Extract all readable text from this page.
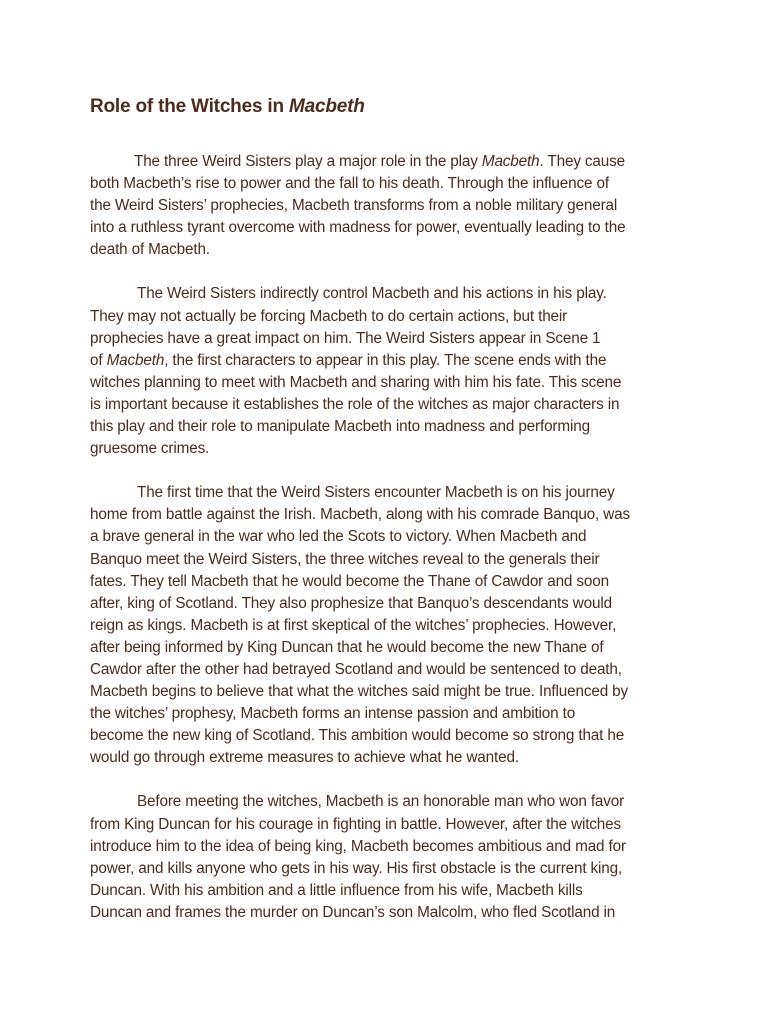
Role of the Witches in Macbeth
The three Weird Sisters play a major role in the play Macbeth. They cause
both Macbeth’s rise to power and the fall to his death. Through the influence of
the Weird Sisters’ prophecies, Macbeth transforms from a noble military general
into a ruthless tyrant overcome with madness for power, eventually leading to the
death of Macbeth.
The Weird Sisters indirectly control Macbeth and his actions in his play.
They may not actually be forcing Macbeth to do certain actions, but their
prophecies have a great impact on him. The Weird Sisters appear in Scene 1
of Macbeth, the first characters to appear in this play. The scene ends with the
witches planning to meet with Macbeth and sharing with him his fate. This scene
is important because it establishes the role of the witches as major characters in
this play and their role to manipulate Macbeth into madness and performing
gruesome crimes.
The first time that the Weird Sisters encounter Macbeth is on his journey
home from battle against the Irish. Macbeth, along with his comrade Banquo, was
a brave general in the war who led the Scots to victory. When Macbeth and
Banquo meet the Weird Sisters, the three witches reveal to the generals their
fates. They tell Macbeth that he would become the Thane of Cawdor and soon
after, king of Scotland. They also prophesize that Banquo’s descendants would
reign as kings. Macbeth is at first skeptical of the witches’ prophecies. However,
after being informed by King Duncan that he would become the new Thane of
Cawdor after the other had betrayed Scotland and would be sentenced to death,
Macbeth begins to believe that what the witches said might be true. Influenced by
the witches’ prophesy, Macbeth forms an intense passion and ambition to
become the new king of Scotland. This ambition would become so strong that he
would go through extreme measures to achieve what he wanted.
Before meeting the witches, Macbeth is an honorable man who won favor
from King Duncan for his courage in fighting in battle. However, after the witches
introduce him to the idea of being king, Macbeth becomes ambitious and mad for
power, and kills anyone who gets in his way. His first obstacle is the current king,
Duncan. With his ambition and a little influence from his wife, Macbeth kills
Duncan and frames the murder on Duncan’s son Malcolm, who fled Scotland in
